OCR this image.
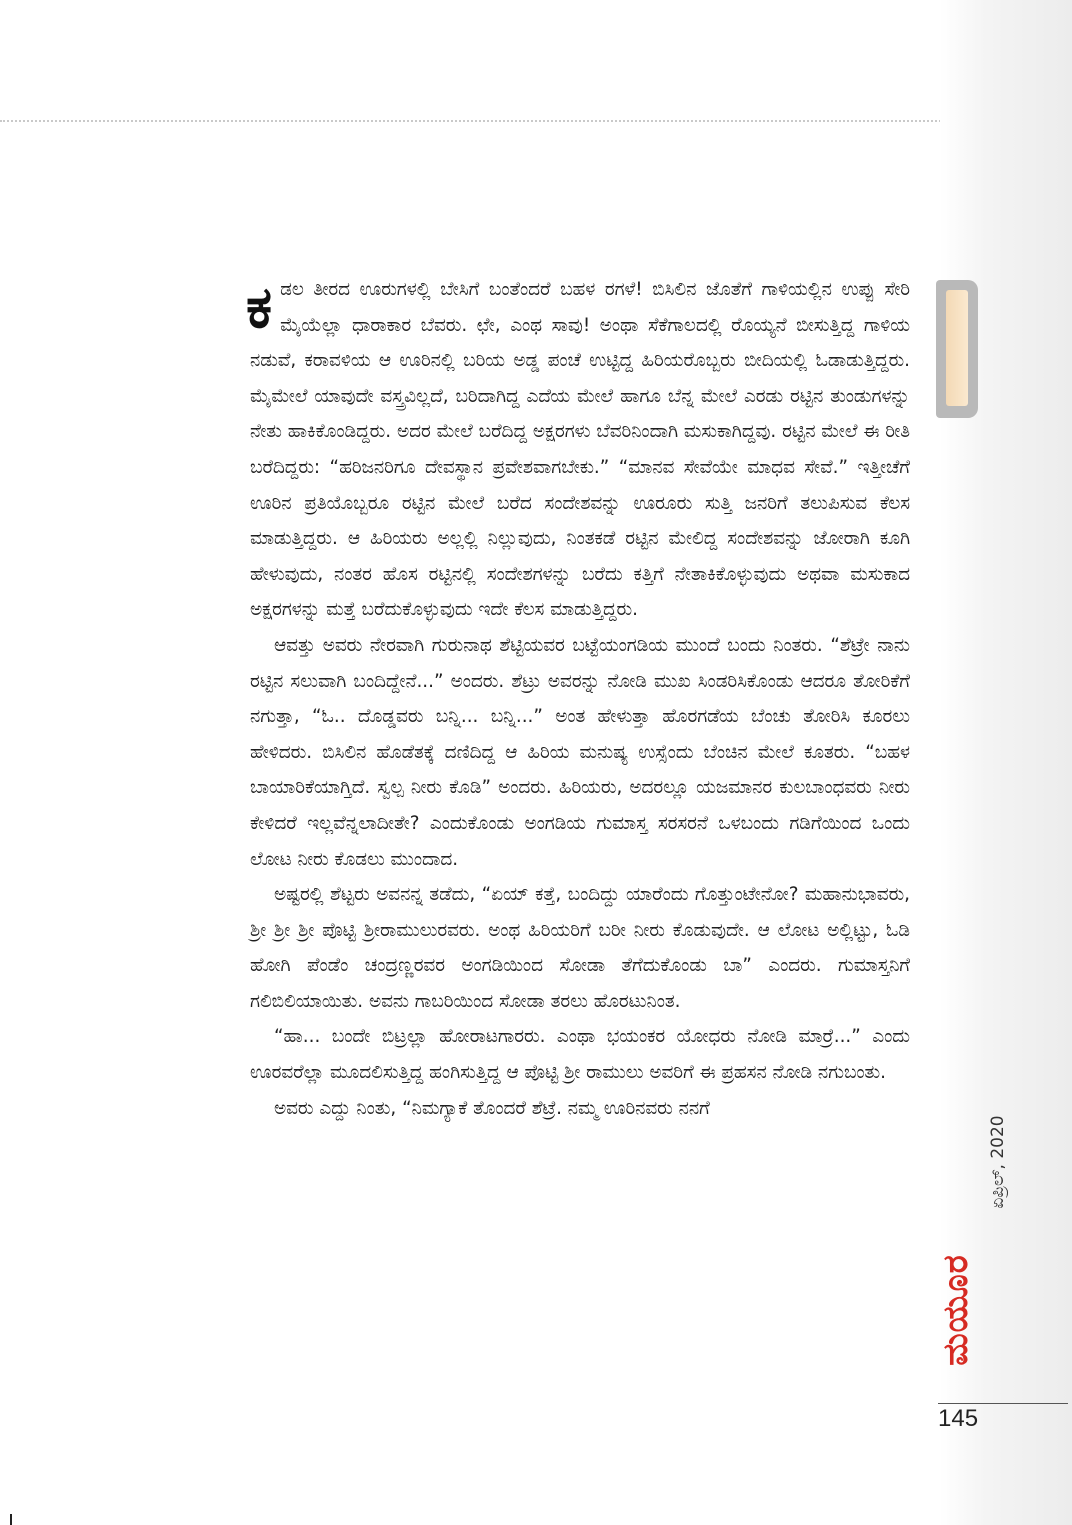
ಕಡಲ ತೀರದ ಊರುಗಳಲ್ಲಿ ಬೇಸಿಗೆ ಬಂತೆಂದರೆ ಬಹಳ ರಗಳೆ! ಬಿಸಿಲಿನ ಜೊತೆಗೆ ಗಾಳಿಯಲ್ಲಿನ ಉಪ್ಪು ಸೇರಿ ಮೈಯೆಲ್ಲಾ ಧಾರಾಕಾರ ಬೆವರು. ಛೇ, ಎಂಥ ಸಾವು! ಅಂಥಾ ಸೆಕೆಗಾಲದಲ್ಲಿ ರೊಯ್ಯನೆ ಬೀಸುತ್ತಿದ್ದ ಗಾಳಿಯ ನಡುವೆ, ಕರಾವಳಿಯ ಆ ಊರಿನಲ್ಲಿ ಬರಿಯ ಅಡ್ಡ ಪಂಚೆ ಉಟ್ಟಿದ್ದ ಹಿರಿಯರೊಬ್ಬರು ಬೀದಿಯಲ್ಲಿ ಓಡಾಡುತ್ತಿದ್ದರು. ಮೈಮೇಲೆ ಯಾವುದೇ ವಸ್ತ್ರವಿಲ್ಲದೆ, ಬರಿದಾಗಿದ್ದ ಎದೆಯ ಮೇಲೆ ಹಾಗೂ ಬೆನ್ನ ಮೇಲೆ ಎರಡು ರಟ್ಟಿನ ತುಂಡುಗಳನ್ನು ನೇತು ಹಾಕಿಕೊಂಡಿದ್ದರು. ಅದರ ಮೇಲೆ ಬರೆದಿದ್ದ ಅಕ್ಷರಗಳು ಬೆವರಿನಿಂದಾಗಿ ಮಸುಕಾಗಿದ್ದವು. ರಟ್ಟಿನ ಮೇಲೆ ಈ ರೀತಿ ಬರೆದಿದ್ದರು: “ಹರಿಜನರಿಗೂ ದೇವಸ್ಥಾನ ಪ್ರವೇಶವಾಗಬೇಕು.” “ಮಾನವ ಸೇವೆಯೇ ಮಾಧವ ಸೇವೆ.” ಇತ್ತೀಚೆಗೆ ಊರಿನ ಪ್ರತಿಯೊಬ್ಬರೂ ರಟ್ಟಿನ ಮೇಲೆ ಬರೆದ ಸಂದೇಶವನ್ನು ಊರೂರು ಸುತ್ತಿ ಜನರಿಗೆ ತಲುಪಿಸುವ ಕೆಲಸ ಮಾಡುತ್ತಿದ್ದರು. ಆ ಹಿರಿಯರು ಅಲ್ಲಲ್ಲಿ ನಿಲ್ಲುವುದು, ನಿಂತಕಡೆ ರಟ್ಟಿನ ಮೇಲಿದ್ದ ಸಂದೇಶವನ್ನು ಜೋರಾಗಿ ಕೂಗಿ ಹೇಳುವುದು, ನಂತರ ಹೊಸ ರಟ್ಟಿನಲ್ಲಿ ಸಂದೇಶಗಳನ್ನು ಬರೆದು ಕತ್ತಿಗೆ ನೇತಾಕಿಕೊಳ್ಳುವುದು ಅಥವಾ ಮಸುಕಾದ ಅಕ್ಷರಗಳನ್ನು ಮತ್ತೆ ಬರೆದುಕೊಳ್ಳುವುದು ಇದೇ ಕೆಲಸ ಮಾಡುತ್ತಿದ್ದರು.

ಆವತ್ತು ಅವರು ನೇರವಾಗಿ ಗುರುನಾಥ ಶೆಟ್ಟಿಯವರ ಬಟ್ಟೆಯಂಗಡಿಯ ಮುಂದೆ ಬಂದು ನಿಂತರು. “ಶೆಟ್ರೇ ನಾನು ರಟ್ಟಿನ ಸಲುವಾಗಿ ಬಂದಿದ್ದೇನೆ...” ಅಂದರು. ಶೆಟ್ರು ಅವರನ್ನು ನೋಡಿ ಮುಖ ಸಿಂಡರಿಸಿಕೊಂಡು ಆದರೂ ತೋರಿಕೆಗೆ ನಗುತ್ತಾ, “ಓ.. ದೊಡ್ಡವರು ಬನ್ನಿ... ಬನ್ನಿ...” ಅಂತ ಹೇಳುತ್ತಾ ಹೊರಗಡೆಯ ಬೆಂಚು ತೋರಿಸಿ ಕೂರಲು ಹೇಳಿದರು. ಬಿಸಿಲಿನ ಹೊಡೆತಕ್ಕೆ ದಣಿದಿದ್ದ ಆ ಹಿರಿಯ ಮನುಷ್ಯ ಉಸ್ಸೆಂದು ಬೆಂಚಿನ ಮೇಲೆ ಕೂತರು. “ಬಹಳ ಬಾಯಾರಿಕೆಯಾಗ್ತಿದೆ. ಸ್ವಲ್ಪ ನೀರು ಕೊಡಿ” ಅಂದರು. ಹಿರಿಯರು, ಅದರಲ್ಲೂ ಯಜಮಾನರ ಕುಲಬಾಂಧವರು ನೀರು ಕೇಳಿದರೆ ಇಲ್ಲವೆನ್ನಲಾದೀತೇ? ಎಂದುಕೊಂಡು ಅಂಗಡಿಯ ಗುಮಾಸ್ತ ಸರಸರನೆ ಒಳಬಂದು ಗಡಿಗೆಯಿಂದ ಒಂದು ಲೋಟ ನೀರು ಕೊಡಲು ಮುಂದಾದ.

ಅಷ್ಟರಲ್ಲಿ ಶೆಟ್ಟರು ಅವನನ್ನ ತಡೆದು, “ಏಯ್ ಕತ್ತೆ, ಬಂದಿದ್ದು ಯಾರೆಂದು ಗೊತ್ತುಂಟೇನೋ? ಮಹಾನುಭಾವರು, ಶ್ರೀ ಶ್ರೀ ಶ್ರೀ ಪೊಟ್ಟಿ ಶ್ರೀರಾಮುಲುರವರು. ಅಂಥ ಹಿರಿಯರಿಗೆ ಬರೀ ನೀರು ಕೊಡುವುದೇ. ಆ ಲೋಟ ಅಲ್ಲಿಟ್ಟು, ಓಡಿ ಹೋಗಿ ಪೆಂಡೆಂ ಚಂದ್ರಣ್ಣರವರ ಅಂಗಡಿಯಿಂದ ಸೋಡಾ ತೆಗೆದುಕೊಂಡು ಬಾ” ಎಂದರು. ಗುಮಾಸ್ತನಿಗೆ ಗಲಿಬಿಲಿಯಾಯಿತು. ಅವನು ಗಾಬರಿಯಿಂದ ಸೋಡಾ ತರಲು ಹೊರಟುನಿಂತ.

“ಹಾ... ಬಂದೇ ಬಿಟ್ರಲ್ಲಾ ಹೋರಾಟಗಾರರು. ಎಂಥಾ ಭಯಂಕರ ಯೋಧರು ನೋಡಿ ಮಾರ್ರೆ...” ಎಂದು ಊರವರೆಲ್ಲಾ ಮೂದಲಿಸುತ್ತಿದ್ದ ಹಂಗಿಸುತ್ತಿದ್ದ ಆ ಪೊಟ್ಟಿ ಶ್ರೀ ರಾಮುಲು ಅವರಿಗೆ ಈ ಪ್ರಹಸನ ನೋಡಿ ನಗುಬಂತು.

ಅವರು ಎದ್ದು ನಿಂತು, “ನಿಮಗ್ಯಾಕೆ ತೊಂದರೆ ಶೆಟ್ರೆ. ನಮ್ಮ ಊರಿನವರು ನನಗೆ

ಏಪ್ರಿಲ್, 2020
ಮಯೂರ
145
